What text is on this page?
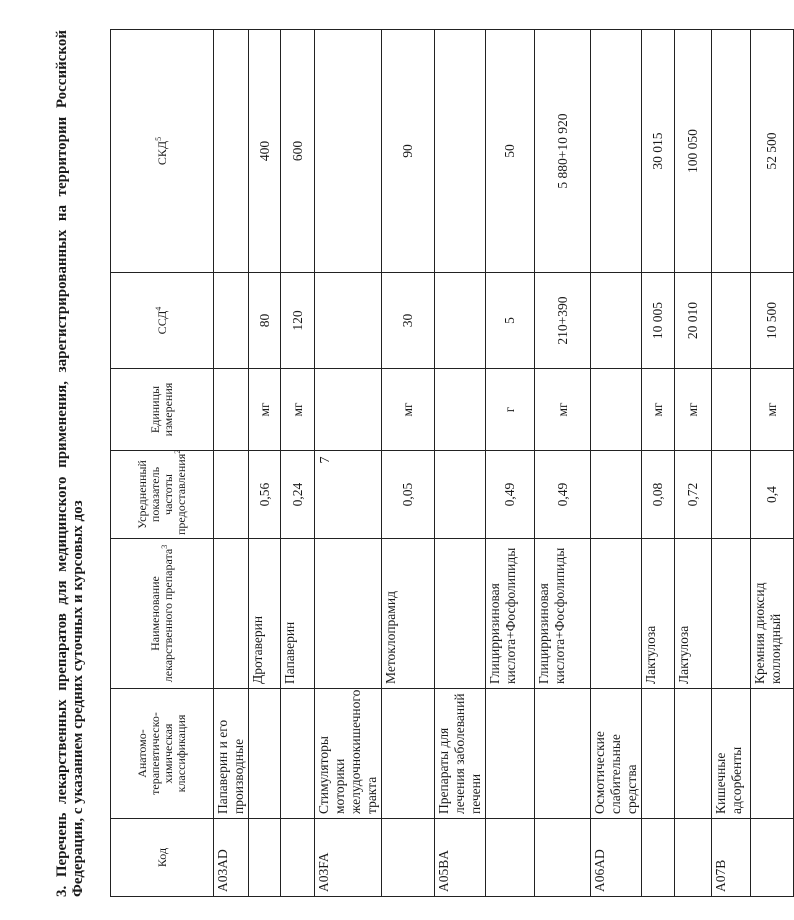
7
3. Перечень лекарственных препаратов для медицинского применения, зарегистрированных на территории Российской Федерации, с указанием средних суточных и курсовых доз	Код	Анатомо-терапевтическо-химическая классификация	Наименование лекарственного препарата$^3$	Усредненный показатель частоты предоставления$^2$	Единицы измерения	ССД$^4$	СКД$^5$
A03AD	Папаверин и его производные					
		Дротаверин	0,56	мг	80	400
		Папаверин	0,24	мг	120	600
A03FA	Стимуляторы моторики желудочнокишечного тракта					
		Метоклопрамид	0,05	мг	30	90
A05BA	Препараты для лечения заболеваний печени					
		Глицирризиновая кислота+Фосфолипиды	0,49	г	5	50
		Глицирризиновая кислота+Фосфолипиды	0,49	мг	210+390	5 880+10 920
A06AD	Осмотические слабительные средства					
		Лактулоза	0,08	мг	10 005	30 015
		Лактулоза	0,72	мг	20 010	100 050
A07B	Кишечные адсорбенты					
		Кремния диоксид коллоидный	0,4	мг	10 500	52 500
